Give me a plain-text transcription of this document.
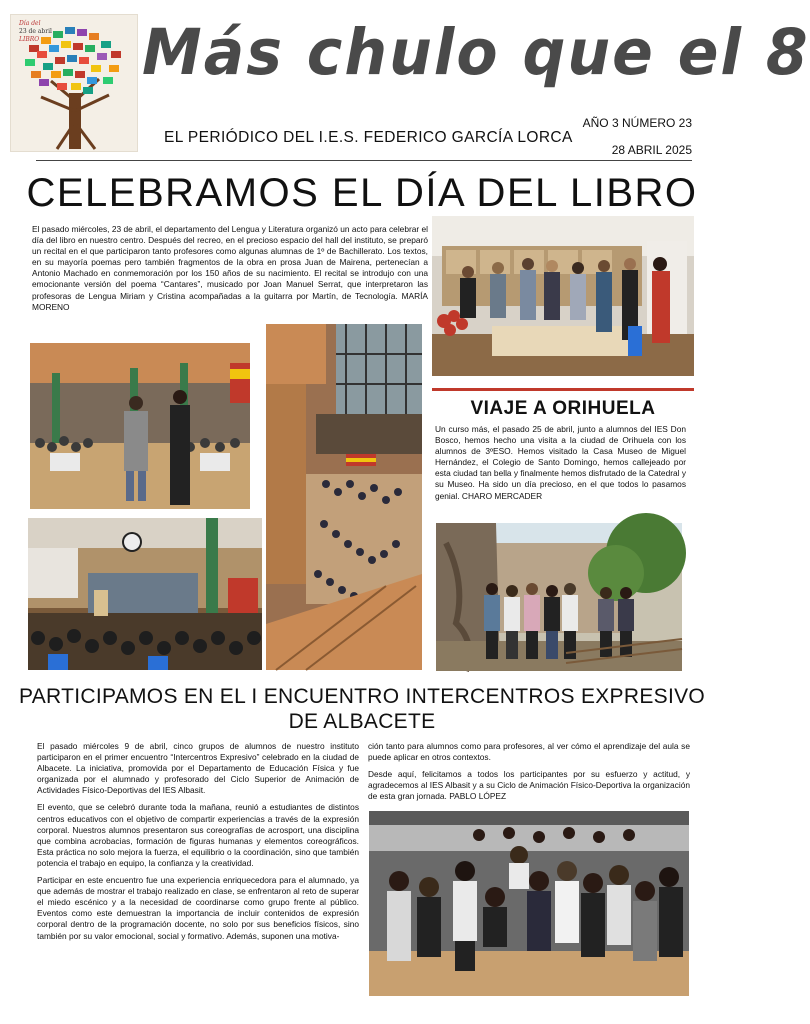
Día del
23 de abril
LIBRO Más chulo que el 8
EL PERIÓDICO DEL I.E.S. FEDERICO GARCÍA LORCA
AÑO 3 NÚMERO 23
28 ABRIL 2025
CELEBRAMOS EL DÍA DEL LIBRO
El pasado miércoles, 23 de abril, el departamento del Lengua y Literatura organizó un acto para celebrar el día del libro en nuestro centro. Después del recreo, en el precioso espacio del hall del instituto, se preparó un recital en el que participaron tanto profesores como algunas alumnas de 1º de Bachillerato. Los textos, en su mayoría poemas pero también fragmentos de la obra en prosa Juan de Mairena, pertenecían a Antonio Machado en conmemoración por los 150 años de su nacimiento. El recital se introdujo con una emocionante versión del poema “Cantares”, musicado por Joan Manuel Serrat, que interpretaron las profesoras de Lengua Miriam y Cristina acompañadas a la guitarra por Martín, de Tecnología. MARÍA MORENO
VIAJE A ORIHUELA
Un curso más, el pasado 25 de abril, junto a alumnos del IES Don Bosco, hemos hecho una visita a la ciudad de Orihuela con los alumnos de 3ºESO. Hemos visitado la Casa Museo de Miguel Hernández, el Colegio de Santo Domingo, hemos callejeado por esta ciudad tan bella y finalmente hemos disfrutado de la Catedral y su Museo. Ha sido un día precioso, en el que todos lo pasamos genial. CHARO MERCADER
PARTICIPAMOS EN EL I ENCUENTRO INTERCENTROS EXPRESIVO
DE ALBACETE

El pasado miércoles 9 de abril, cinco grupos de alumnos de nuestro instituto participaron en el primer encuentro “Intercentros Expresivo” celebrado en la ciudad de Albacete. La iniciativa, promovida por el Departamento de Educación Física y fue organizada por el alumnado y profesorado del Ciclo Superior de Animación de Actividades Físico-Deportivas del IES Albasit.

El evento, que se celebró durante toda la mañana, reunió a estudiantes de distintos centros educativos con el objetivo de compartir experiencias a través de la expresión corporal. Nuestros alumnos presentaron sus coreografías de acrosport, una disciplina que combina acrobacias, formación de figuras humanas y elementos coreográficos. Esta práctica no solo mejora la fuerza, el equilibrio o la coordinación, sino que también potencia el trabajo en equipo, la confianza y la creatividad.

Participar en este encuentro fue una experiencia enriquecedora para el alumnado, ya que además de mostrar el trabajo realizado en clase, se enfrentaron al reto de superar el miedo escénico y a la necesidad de coordinarse como grupo frente al público. Eventos como este demuestran la importancia de incluir contenidos de expresión corporal dentro de la programación docente, no solo por sus beneficios físicos, sino también por su valor emocional, social y formativo. Además, suponen una motiva-

ción tanto para alumnos como para profesores, al ver cómo el aprendizaje del aula se puede aplicar en otros contextos.

Desde aquí, felicitamos a todos los participantes por su esfuerzo y actitud, y agradecemos al IES Albasit y a su Ciclo de Animación Físico-Deportiva la organización de esta gran jornada. PABLO LÓPEZ
